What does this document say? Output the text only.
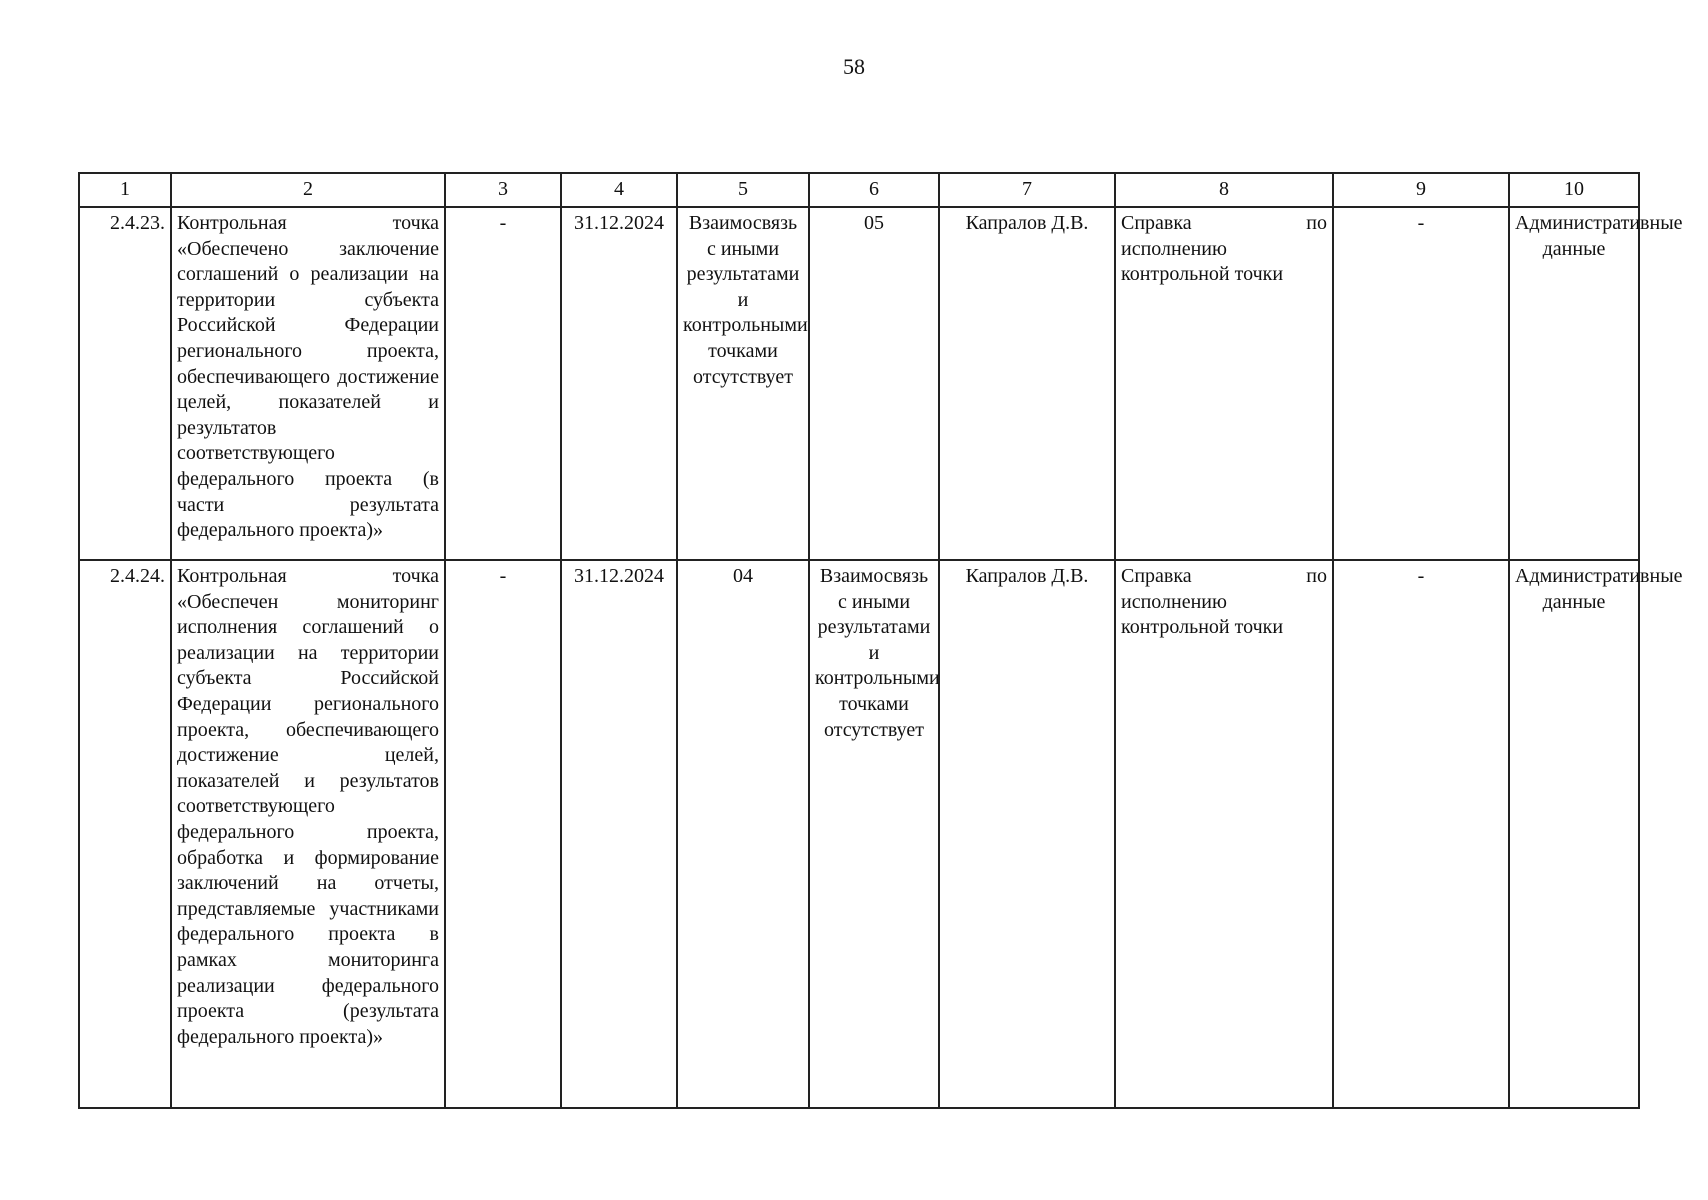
58
1	2	3	4	5	6	7	8	9	10
2.4.23.	Контрольная точка «Обеспечено заключение соглашений о реализации на территории субъекта Российской Федерации регионального проекта, обеспечивающего достижение целей, показателей и результатов соответствующего федерального проекта (в части результата федерального проекта)»	-	31.12.2024	Взаимосвязь с иными результатами и контрольными точками отсутствует	05	Капралов Д.В.	Справка по исполнению контрольной точки	-	Административные данные
2.4.24.	Контрольная точка «Обеспечен мониторинг исполнения соглашений о реализации на территории субъекта Российской Федерации регионального проекта, обеспечивающего достижение целей, показателей и результатов соответствующего федерального проекта, обработка и формирование заключений на отчеты, представляемые участниками федерального проекта в рамках мониторинга реализации федерального проекта (результата федерального проекта)»	-	31.12.2024	04	Взаимосвязь с иными результатами и контрольными точками отсутствует	Капралов Д.В.	Справка по исполнению контрольной точки	-	Административные данные
